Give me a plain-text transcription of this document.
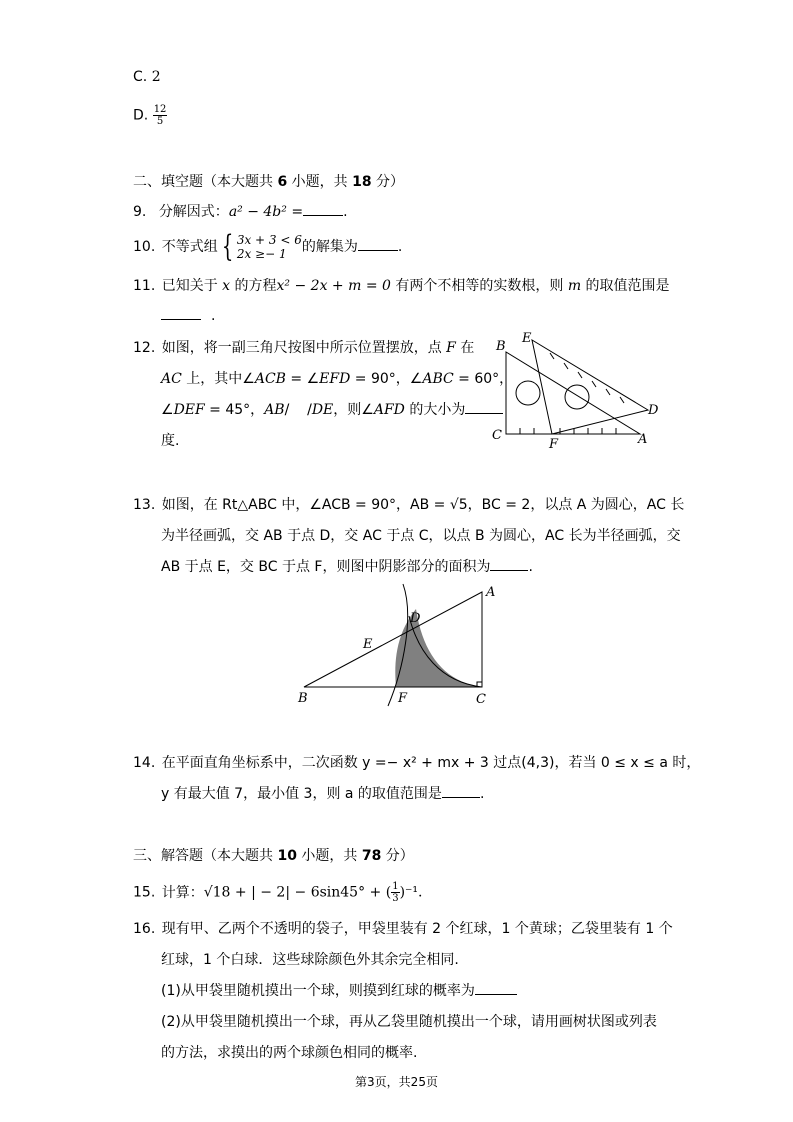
C. 2
D. $\frac{12}{5}$
二、填空题（本大题共 6 小题，共 18 分）
9. 分解因式：a² − 4b² =	.
10. 不等式组 { 3x + 3 < 6
2x ≥− 1	的解集为	.
11. 已知关于 x 的方程x² − 2x + m = 0 有两个不相等的实数根，则 m 的取值范围是
.
12. 如图，将一副三角尺按图中所示位置摆放，点 F 在
AC 上，其中∠ACB = ∠EFD = 90°，∠ABC = 60°，
∠DEF = 45°，AB/    /DE，则∠AFD 的大小为
度.
B
E
C
F	A
D
13. 如图，在 Rt△ABC 中，∠ACB = 90°，AB = √5，BC = 2，以点 A 为圆心，AC 长
为半径画弧，交 AB 于点 D，交 AC 于点 C，以点 B 为圆心，AC 长为半径画弧，交
AB 于点 E，交 BC 于点 F，则图中阴影部分的面积为	.
A
D
E
B	F	C
14. 在平面直角坐标系中，二次函数 y =− x² + mx + 3 过点(4,3)，若当 0 ≤ x ≤ a 时，
y 有最大值 7，最小值 3，则 a 的取值范围是	.
三、解答题（本大题共 10 小题，共 78 分）
15. 计算：√18 + | − 2| − 6sin45° + ( $\frac{1}{3} )^{-1}$.
16. 现有甲、乙两个不透明的袋子，甲袋里装有 2 个红球，1 个黄球；乙袋里装有 1 个
红球，1 个白球．这些球除颜色外其余完全相同.
(1)从甲袋里随机摸出一个球，则摸到红球的概率为
(2)从甲袋里随机摸出一个球，再从乙袋里随机摸出一个球，请用画树状图或列表
的方法，求摸出的两个球颜色相同的概率.
第3页，共25页
